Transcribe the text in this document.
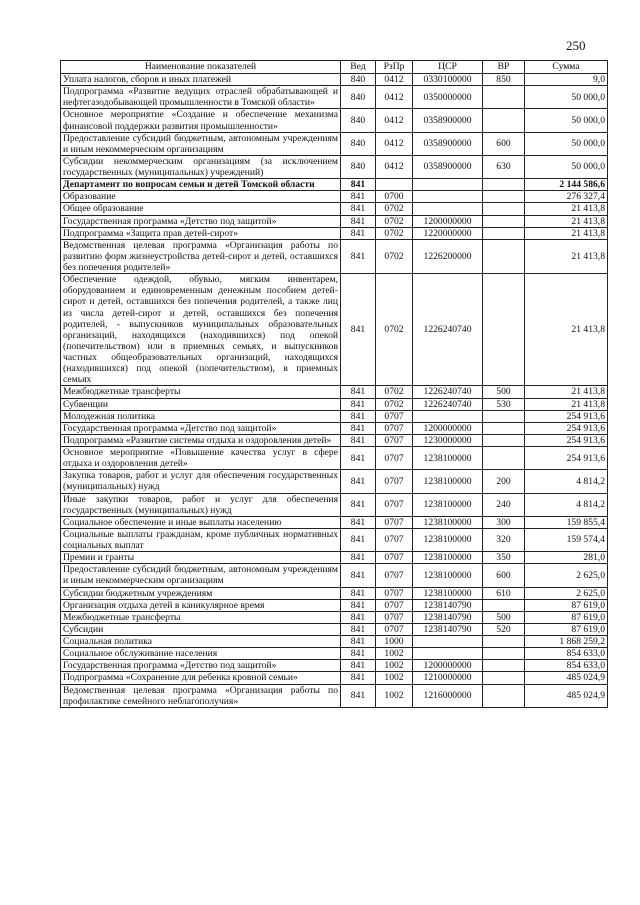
250
Наименование показателей	Вед	РзПр	ЦСР	ВР	Сумма
Уплата налогов, сборов и иных платежей	840	0412	0330100000	850	9,0
Подпрограмма «Развитие ведущих отраслей обрабатывающей и нефтегазодобывающей промышленности в Томской области»	840	0412	0350000000		50 000,0
Основное мероприятие «Создание и обеспечение механизма финансовой поддержки развития промышленности»	840	0412	0358900000		50 000,0
Предоставление субсидий бюджетным, автономным учреждениям и иным некоммерческим организациям	840	0412	0358900000	600	50 000,0
Субсидии некоммерческим организациям (за исключением государственных (муниципальных) учреждений)	840	0412	0358900000	630	50 000,0
Департамент по вопросам семьи и детей Томской области	841				2 144 586,6
Образование	841	0700			276 327,4
Общее образование	841	0702			21 413,8
Государственная программа «Детство под защитой»	841	0702	1200000000		21 413,8
Подпрограмма «Защита прав детей-сирот»	841	0702	1220000000		21 413,8
Ведомственная целевая программа «Организация работы по развитию форм жизнеустройства детей-сирот и детей, оставшихся без попечения родителей»	841	0702	1226200000		21 413,8
Обеспечение одеждой, обувью, мягким инвентарем, оборудованием и единовременным денежным пособием детей-сирот и детей, оставшихся без попечения родителей, а также лиц из числа детей-сирот и детей, оставшихся без попечения родителей, - выпускников муниципальных образовательных организаций, находящихся (находившихся) под опекой (попечительством) или в приемных семьях, и выпускников частных общеобразовательных организаций, находящихся (находившихся) под опекой (попечительством), в приемных семьях	841	0702	1226240740		21 413,8
Межбюджетные трансферты	841	0702	1226240740	500	21 413,8
Субвенции	841	0702	1226240740	530	21 413,8
Молодежная политика	841	0707			254 913,6
Государственная программа «Детство под защитой»	841	0707	1200000000		254 913,6
Подпрограмма «Развитие системы отдыха и оздоровления детей»	841	0707	1230000000		254 913,6
Основное мероприятие «Повышение качества услуг в сфере отдыха и оздоровления детей»	841	0707	1238100000		254 913,6
Закупка товаров, работ и услуг для обеспечения государственных (муниципальных) нужд	841	0707	1238100000	200	4 814,2
Иные закупки товаров, работ и услуг для обеспечения государственных (муниципальных) нужд	841	0707	1238100000	240	4 814,2
Социальное обеспечение и иные выплаты населению	841	0707	1238100000	300	159 855,4
Социальные выплаты гражданам, кроме публичных нормативных социальных выплат	841	0707	1238100000	320	159 574,4
Премии и гранты	841	0707	1238100000	350	281,0
Предоставление субсидий бюджетным, автономным учреждениям и иным некоммерческим организациям	841	0707	1238100000	600	2 625,0
Субсидии бюджетным учреждениям	841	0707	1238100000	610	2 625,0
Организация отдыха детей в каникулярное время	841	0707	1238140790		87 619,0
Межбюджетные трансферты	841	0707	1238140790	500	87 619,0
Субсидии	841	0707	1238140790	520	87 619,0
Социальная политика	841	1000			1 868 259,2
Социальное обслуживание населения	841	1002			854 633,0
Государственная программа «Детство под защитой»	841	1002	1200000000		854 633,0
Подпрограмма «Сохранение для ребенка кровной семьи»	841	1002	1210000000		485 024,9
Ведомственная целевая программа «Организация работы по профилактике семейного неблагополучия»	841	1002	1216000000		485 024,9
